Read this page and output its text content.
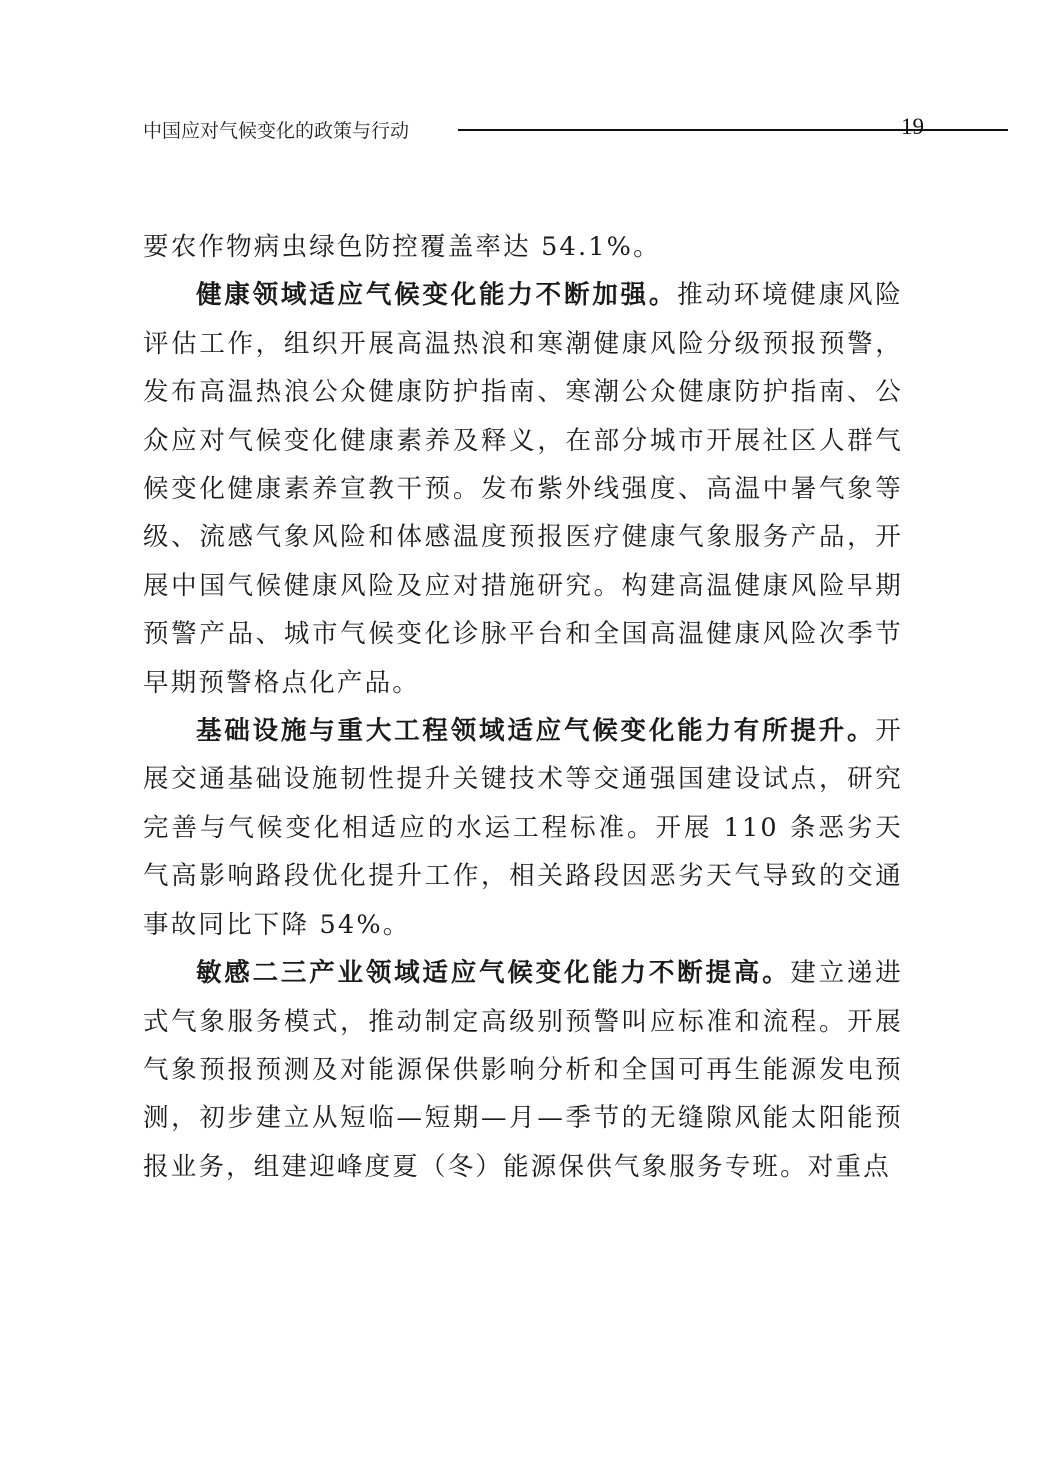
中国应对气候变化的政策与行动	19

要农作物病虫绿色防控覆盖率达 54.1%。

健康领域适应气候变化能力不断加强。推动环境健康风险评估工作，组织开展高温热浪和寒潮健康风险分级预报预警，发布高温热浪公众健康防护指南、寒潮公众健康防护指南、公众应对气候变化健康素养及释义，在部分城市开展社区人群气候变化健康素养宣教干预。发布紫外线强度、高温中暑气象等级、流感气象风险和体感温度预报医疗健康气象服务产品，开展中国气候健康风险及应对措施研究。构建高温健康风险早期预警产品、城市气候变化诊脉平台和全国高温健康风险次季节早期预警格点化产品。

基础设施与重大工程领域适应气候变化能力有所提升。开展交通基础设施韧性提升关键技术等交通强国建设试点，研究完善与气候变化相适应的水运工程标准。开展 110 条恶劣天气高影响路段优化提升工作，相关路段因恶劣天气导致的交通事故同比下降 54%。

敏感二三产业领域适应气候变化能力不断提高。建立递进式气象服务模式，推动制定高级别预警叫应标准和流程。开展气象预报预测及对能源保供影响分析和全国可再生能源发电预测，初步建立从短临—短期—月—季节的无缝隙风能太阳能预报业务，组建迎峰度夏（冬）能源保供气象服务专班。对重点
